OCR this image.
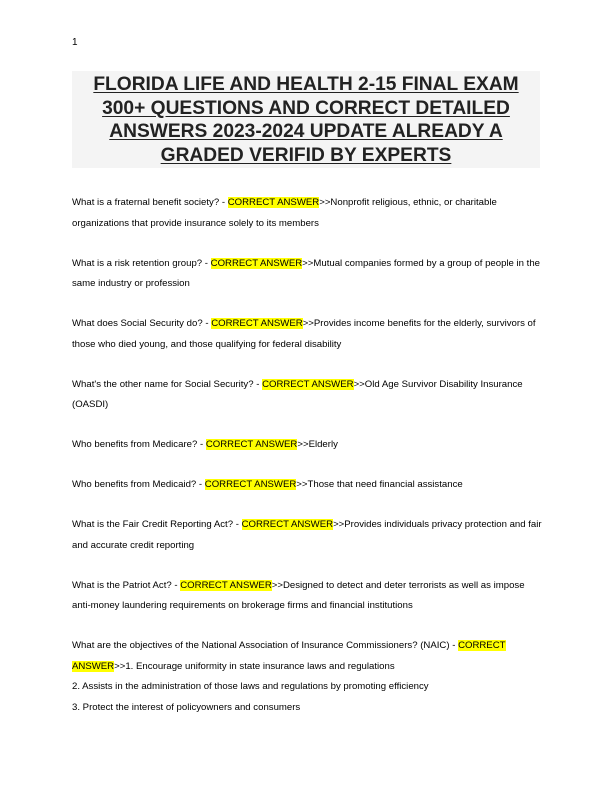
1
FLORIDA LIFE AND HEALTH 2-15 FINAL EXAM
300+ QUESTIONS AND CORRECT DETAILED
ANSWERS 2023-2024 UPDATE ALREADY A
GRADED VERIFID BY EXPERTS

What is a fraternal benefit society? - CORRECT ANSWER>>Nonprofit religious, ethnic, or charitable organizations that provide insurance solely to its members

What is a risk retention group? - CORRECT ANSWER>>Mutual companies formed by a group of people in the same industry or profession

What does Social Security do? - CORRECT ANSWER>>Provides income benefits for the elderly, survivors of those who died young, and those qualifying for federal disability

What's the other name for Social Security? - CORRECT ANSWER>>Old Age Survivor Disability Insurance (OASDI)

Who benefits from Medicare? - CORRECT ANSWER>>Elderly

Who benefits from Medicaid? - CORRECT ANSWER>>Those that need financial assistance

What is the Fair Credit Reporting Act? - CORRECT ANSWER>>Provides individuals privacy protection and fair and accurate credit reporting

What is the Patriot Act? - CORRECT ANSWER>>Designed to detect and deter terrorists as well as impose anti-money laundering requirements on brokerage firms and financial institutions

What are the objectives of the National Association of Insurance Commissioners? (NAIC) - CORRECT ANSWER>>1. Encourage uniformity in state insurance laws and regulations
2. Assists in the administration of those laws and regulations by promoting efficiency
3. Protect the interest of policyowners and consumers
